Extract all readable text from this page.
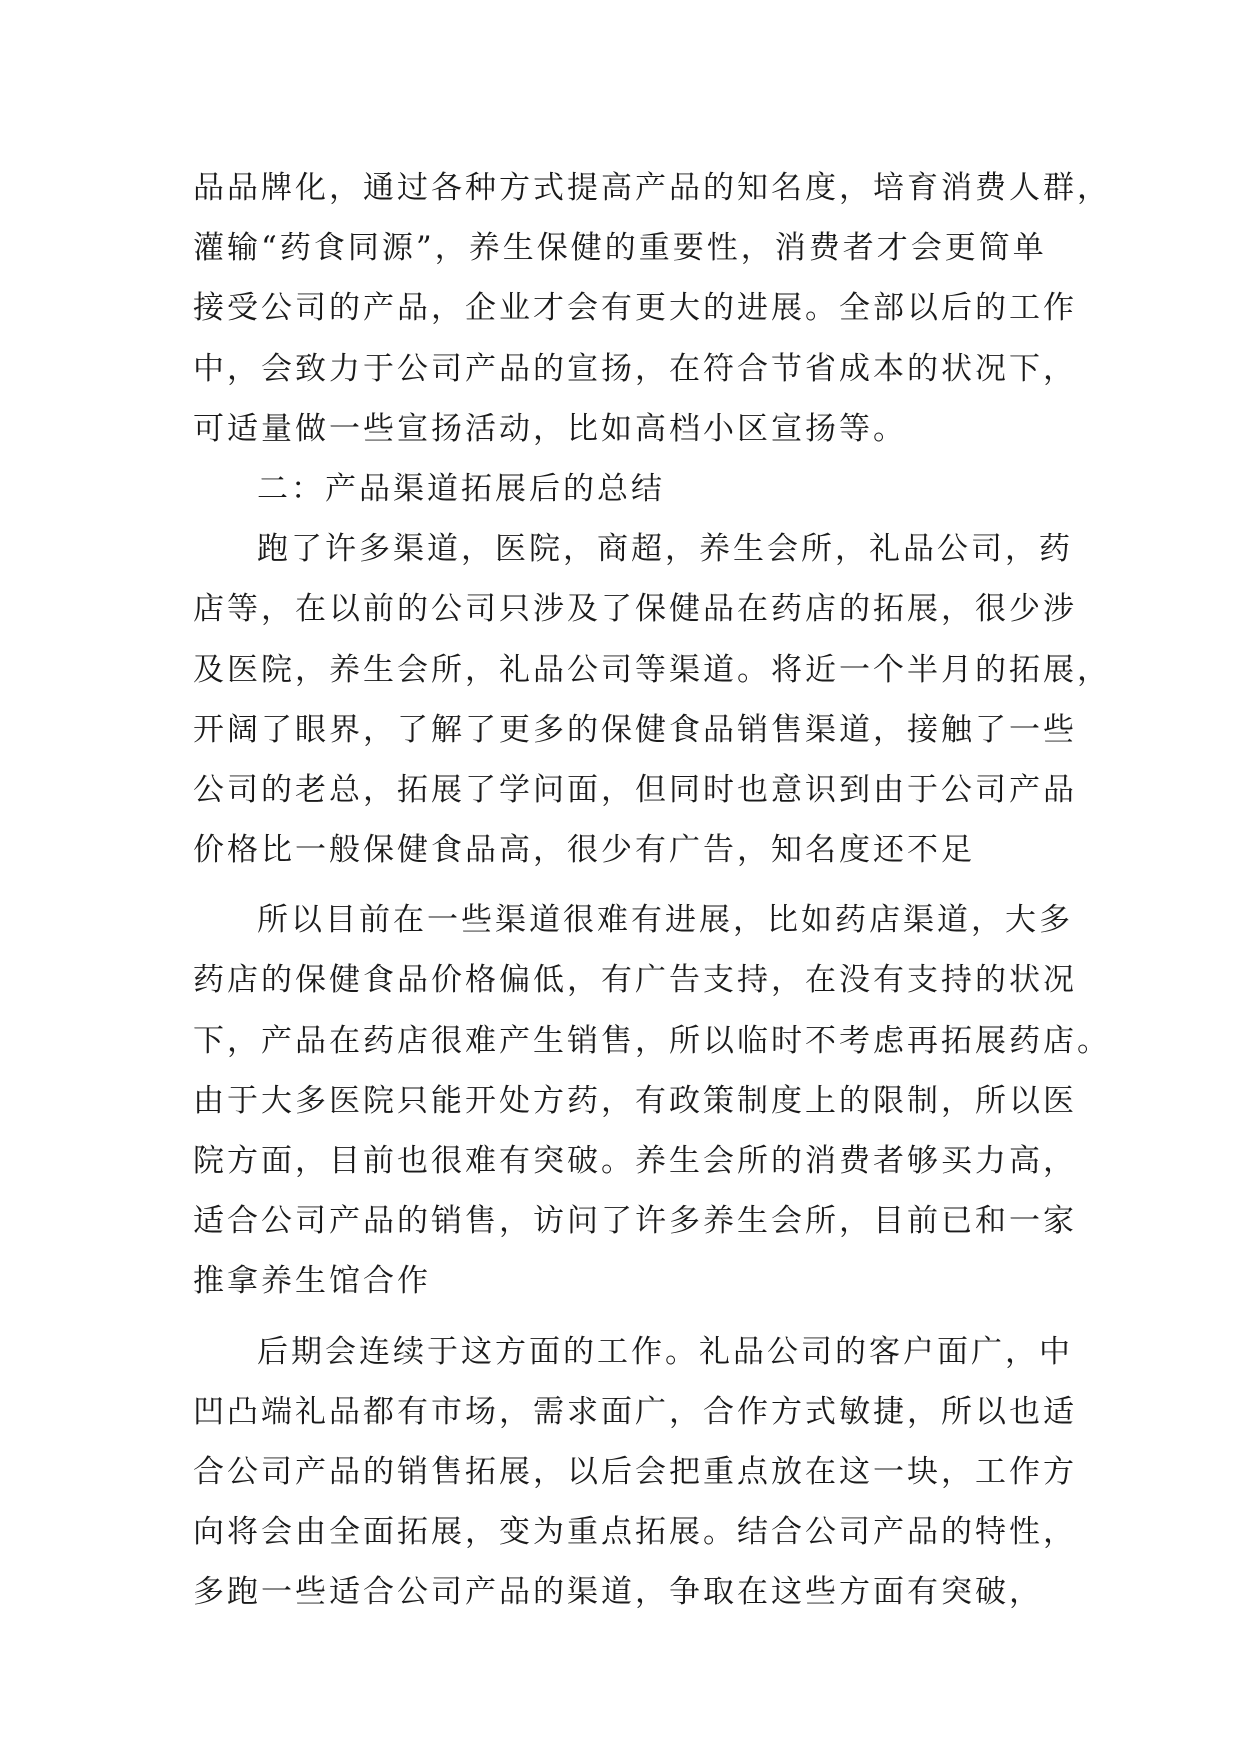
品品牌化，通过各种方式提高产品的知名度，培育消费人群，
灌输“药食同源”，养生保健的重要性，消费者才会更简单
接受公司的产品，企业才会有更大的进展。全部以后的工作
中，会致力于公司产品的宣扬，在符合节省成本的状况下，
可适量做一些宣扬活动，比如高档小区宣扬等。
二：产品渠道拓展后的总结
跑了许多渠道，医院，商超，养生会所，礼品公司，药
店等，在以前的公司只涉及了保健品在药店的拓展，很少涉
及医院，养生会所，礼品公司等渠道。将近一个半月的拓展，
开阔了眼界，了解了更多的保健食品销售渠道，接触了一些
公司的老总，拓展了学问面，但同时也意识到由于公司产品
价格比一般保健食品高，很少有广告，知名度还不足
所以目前在一些渠道很难有进展，比如药店渠道，大多
药店的保健食品价格偏低，有广告支持，在没有支持的状况
下，产品在药店很难产生销售，所以临时不考虑再拓展药店。
由于大多医院只能开处方药，有政策制度上的限制，所以医
院方面，目前也很难有突破。养生会所的消费者够买力高，
适合公司产品的销售，访问了许多养生会所，目前已和一家
推拿养生馆合作
后期会连续于这方面的工作。礼品公司的客户面广，中
凹凸端礼品都有市场，需求面广，合作方式敏捷，所以也适
合公司产品的销售拓展，以后会把重点放在这一块，工作方
向将会由全面拓展，变为重点拓展。结合公司产品的特性，
多跑一些适合公司产品的渠道，争取在这些方面有突破，
